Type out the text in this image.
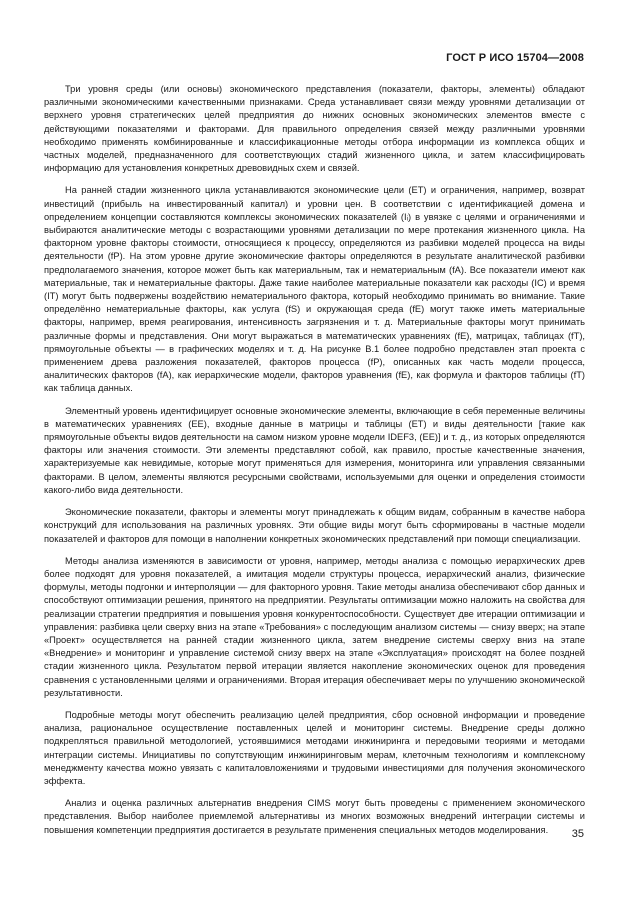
ГОСТ Р ИСО 15704—2008

Три уровня среды (или основы) экономического представления (показатели, факторы, элементы) обладают различными экономическими качественными признаками. Среда устанавливает связи между уровнями детализации от верхнего уровня стратегических целей предприятия до нижних основных экономических элементов вместе с действующими показателями и факторами. Для правильного определения связей между различными уровнями необходимо применять комбинированные и классификационные методы отбора информации из комплекса общих и частных моделей, предназначенного для соответствующих стадий жизненного цикла, и затем классифицировать информацию для установления конкретных древовидных схем и связей.

На ранней стадии жизненного цикла устанавливаются экономические цели (ЕТ) и ограничения, например, возврат инвестиций (прибыль на инвестированный капитал) и уровни цен. В соответствии с идентификацией домена и определением концепции составляются комплексы экономических показателей (Iᵢ) в увязке с целями и ограничениями и выбираются аналитические методы с возрастающими уровнями детализации по мере протекания жизненного цикла. На факторном уровне факторы стоимости, относящиеся к процессу, определяются из разбивки моделей процесса на виды деятельности (fP). На этом уровне другие экономические факторы определяются в результате аналитической разбивки предполагаемого значения, которое может быть как материальным, так и нематериальным (fA). Все показатели имеют как материальные, так и нематериальные факторы. Даже такие наиболее материальные показатели как расходы (IC) и время (IT) могут быть подвержены воздействию нематериального фактора, который необходимо принимать во внимание. Такие определённо нематериальные факторы, как услуга (fS) и окружающая среда (fE) могут также иметь материальные факторы, например, время реагирования, интенсивность загрязнения и т. д. Материальные факторы могут принимать различные формы и представления. Они могут выражаться в математических уравнениях (fE), матрицах, таблицах (fT), прямоугольные объекты — в графических моделях и т. д. На рисунке В.1 более подробно представлен этап проекта с применением древа разложения показателей, факторов процесса (fP), описанных как часть модели процесса, аналитических факторов (fA), как иерархические модели, факторов уравнения (fE), как формула и факторов таблицы (fT) как таблица данных.

Элементный уровень идентифицирует основные экономические элементы, включающие в себя переменные величины в математических уравнениях (EE), входные данные в матрицы и таблицы (ET) и виды деятельности [такие как прямоугольные объекты видов деятельности на самом низком уровне модели IDEF3, (EE)] и т. д., из которых определяются факторы или значения стоимости. Эти элементы представляют собой, как правило, простые качественные значения, характеризуемые как невидимые, которые могут применяться для измерения, мониторинга или управления связанными факторами. В целом, элементы являются ресурсными свойствами, используемыми для оценки и определения стоимости какого-либо вида деятельности.

Экономические показатели, факторы и элементы могут принадлежать к общим видам, собранным в качестве набора конструкций для использования на различных уровнях. Эти общие виды могут быть сформированы в частные модели показателей и факторов для помощи в наполнении конкретных экономических представлений при помощи специализации.

Методы анализа изменяются в зависимости от уровня, например, методы анализа с помощью иерархических древ более подходят для уровня показателей, а имитация модели структуры процесса, иерархический анализ, физические формулы, методы подгонки и интерполяции — для факторного уровня. Такие методы анализа обеспечивают сбор данных и способствуют оптимизации решения, принятого на предприятии. Результаты оптимизации можно наложить на свойства для реализации стратегии предприятия и повышения уровня конкурентоспособности. Существует две итерации оптимизации и управления: разбивка цели сверху вниз на этапе «Требования» с последующим анализом системы — снизу вверх; на этапе «Проект» осуществляется на ранней стадии жизненного цикла, затем внедрение системы сверху вниз на этапе «Внедрение» и мониторинг и управление системой снизу вверх на этапе «Эксплуатация» происходят на более поздней стадии жизненного цикла. Результатом первой итерации является накопление экономических оценок для проведения сравнения с установленными целями и ограничениями. Вторая итерация обеспечивает меры по улучшению экономической результативности.

Подробные методы могут обеспечить реализацию целей предприятия, сбор основной информации и проведение анализа, рациональное осуществление поставленных целей и мониторинг системы. Внедрение среды должно подкрепляться правильной методологией, устоявшимися методами инжиниринга и передовыми теориями и методами интеграции системы. Инициативы по сопутствующим инжиниринговым мерам, клеточным технологиям и комплексному менеджменту качества можно увязать с капиталовложениями и трудовыми инвестициями для получения экономического эффекта.

Анализ и оценка различных альтернатив внедрения CIMS могут быть проведены с применением экономического представления. Выбор наиболее приемлемой альтернативы из многих возможных внедрений интеграции системы и повышения компетенции предприятия достигается в результате применения специальных методов моделирования.	35
